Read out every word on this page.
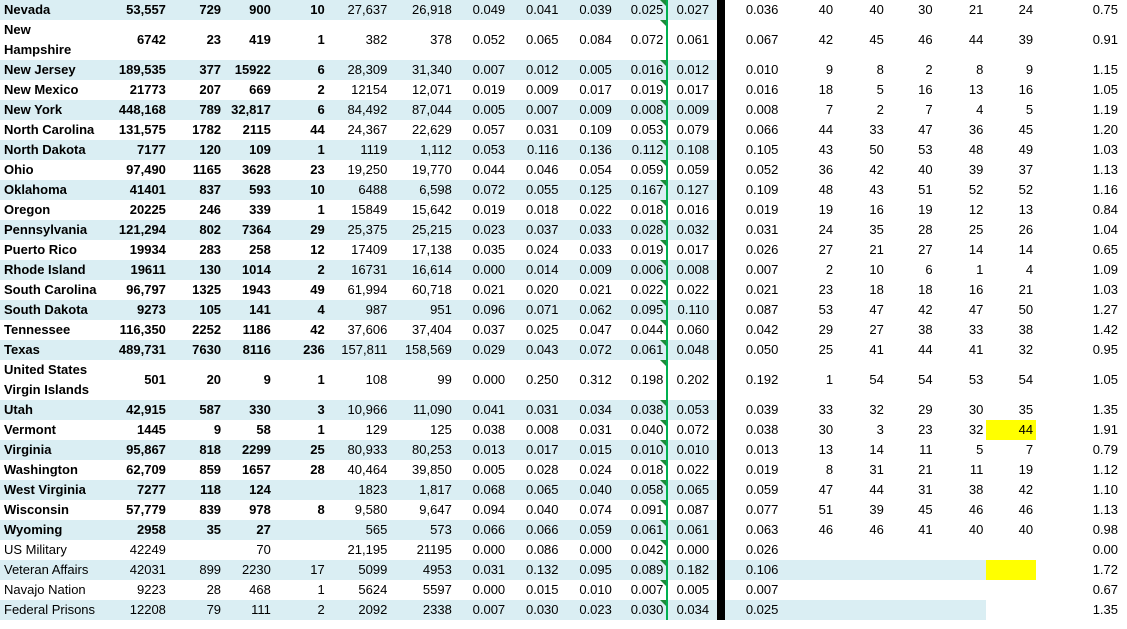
Nevada	53,557	729	900	10	27,637	26,918	0.049	0.041	0.039	0.025	0.027	0.036	40	40	30	21	24	0.75	
New Hampshire	6742	23	419	1	382	378	0.052	0.065	0.084	0.072	0.061	0.067	42	45	46	44	39	0.91	
New Jersey	189,535	377	15922	6	28,309	31,340	0.007	0.012	0.005	0.016	0.012	0.010	9	8	2	8	9	1.15	
New Mexico	21773	207	669	2	12154	12,071	0.019	0.009	0.017	0.019	0.017	0.016	18	5	16	13	16	1.05	
New York	448,168	789	32,817	6	84,492	87,044	0.005	0.007	0.009	0.008	0.009	0.008	7	2	7	4	5	1.19	
North Carolina	131,575	1782	2115	44	24,367	22,629	0.057	0.031	0.109	0.053	0.079	0.066	44	33	47	36	45	1.20	
North Dakota	7177	120	109	1	1119	1,112	0.053	0.116	0.136	0.112	0.108	0.105	43	50	53	48	49	1.03	
Ohio	97,490	1165	3628	23	19,250	19,770	0.044	0.046	0.054	0.059	0.059	0.052	36	42	40	39	37	1.13	
Oklahoma	41401	837	593	10	6488	6,598	0.072	0.055	0.125	0.167	0.127	0.109	48	43	51	52	52	1.16	
Oregon	20225	246	339	1	15849	15,642	0.019	0.018	0.022	0.018	0.016	0.019	19	16	19	12	13	0.84	
Pennsylvania	121,294	802	7364	29	25,375	25,215	0.023	0.037	0.033	0.028	0.032	0.031	24	35	28	25	26	1.04	
Puerto Rico	19934	283	258	12	17409	17,138	0.035	0.024	0.033	0.019	0.017	0.026	27	21	27	14	14	0.65	
Rhode Island	19611	130	1014	2	16731	16,614	0.000	0.014	0.009	0.006	0.008	0.007	2	10	6	1	4	1.09	
South Carolina	96,797	1325	1943	49	61,994	60,718	0.021	0.020	0.021	0.022	0.022	0.021	23	18	18	16	21	1.03	
South Dakota	9273	105	141	4	987	951	0.096	0.071	0.062	0.095	0.110	0.087	53	47	42	47	50	1.27	
Tennessee	116,350	2252	1186	42	37,606	37,404	0.037	0.025	0.047	0.044	0.060	0.042	29	27	38	33	38	1.42	
Texas	489,731	7630	8116	236	157,811	158,569	0.029	0.043	0.072	0.061	0.048	0.050	25	41	44	41	32	0.95	
United States Virgin Islands	501	20	9	1	108	99	0.000	0.250	0.312	0.198	0.202	0.192	1	54	54	53	54	1.05	
Utah	42,915	587	330	3	10,966	11,090	0.041	0.031	0.034	0.038	0.053	0.039	33	32	29	30	35	1.35	
Vermont	1445	9	58	1	129	125	0.038	0.008	0.031	0.040	0.072	0.038	30	3	23	32	44	1.91	
Virginia	95,867	818	2299	25	80,933	80,253	0.013	0.017	0.015	0.010	0.010	0.013	13	14	11	5	7	0.79	
Washington	62,709	859	1657	28	40,464	39,850	0.005	0.028	0.024	0.018	0.022	0.019	8	31	21	11	19	1.12	
West Virginia	7277	118	124		1823	1,817	0.068	0.065	0.040	0.058	0.065	0.059	47	44	31	38	42	1.10	
Wisconsin	57,779	839	978	8	9,580	9,647	0.094	0.040	0.074	0.091	0.087	0.077	51	39	45	46	46	1.13	
Wyoming	2958	35	27		565	573	0.066	0.066	0.059	0.061	0.061	0.063	46	46	41	40	40	0.98	
US Military	42249		70		21,195	21195	0.000	0.086	0.000	0.042	0.000	0.026						0.00	
Veteran Affairs	42031	899	2230	17	5099	4953	0.031	0.132	0.095	0.089	0.182	0.106						1.72	
Navajo Nation	9223	28	468	1	5624	5597	0.000	0.015	0.010	0.007	0.005	0.007						0.67	
Federal Prisons	12208	79	111	2	2092	2338	0.007	0.030	0.023	0.030	0.034	0.025						1.35	
